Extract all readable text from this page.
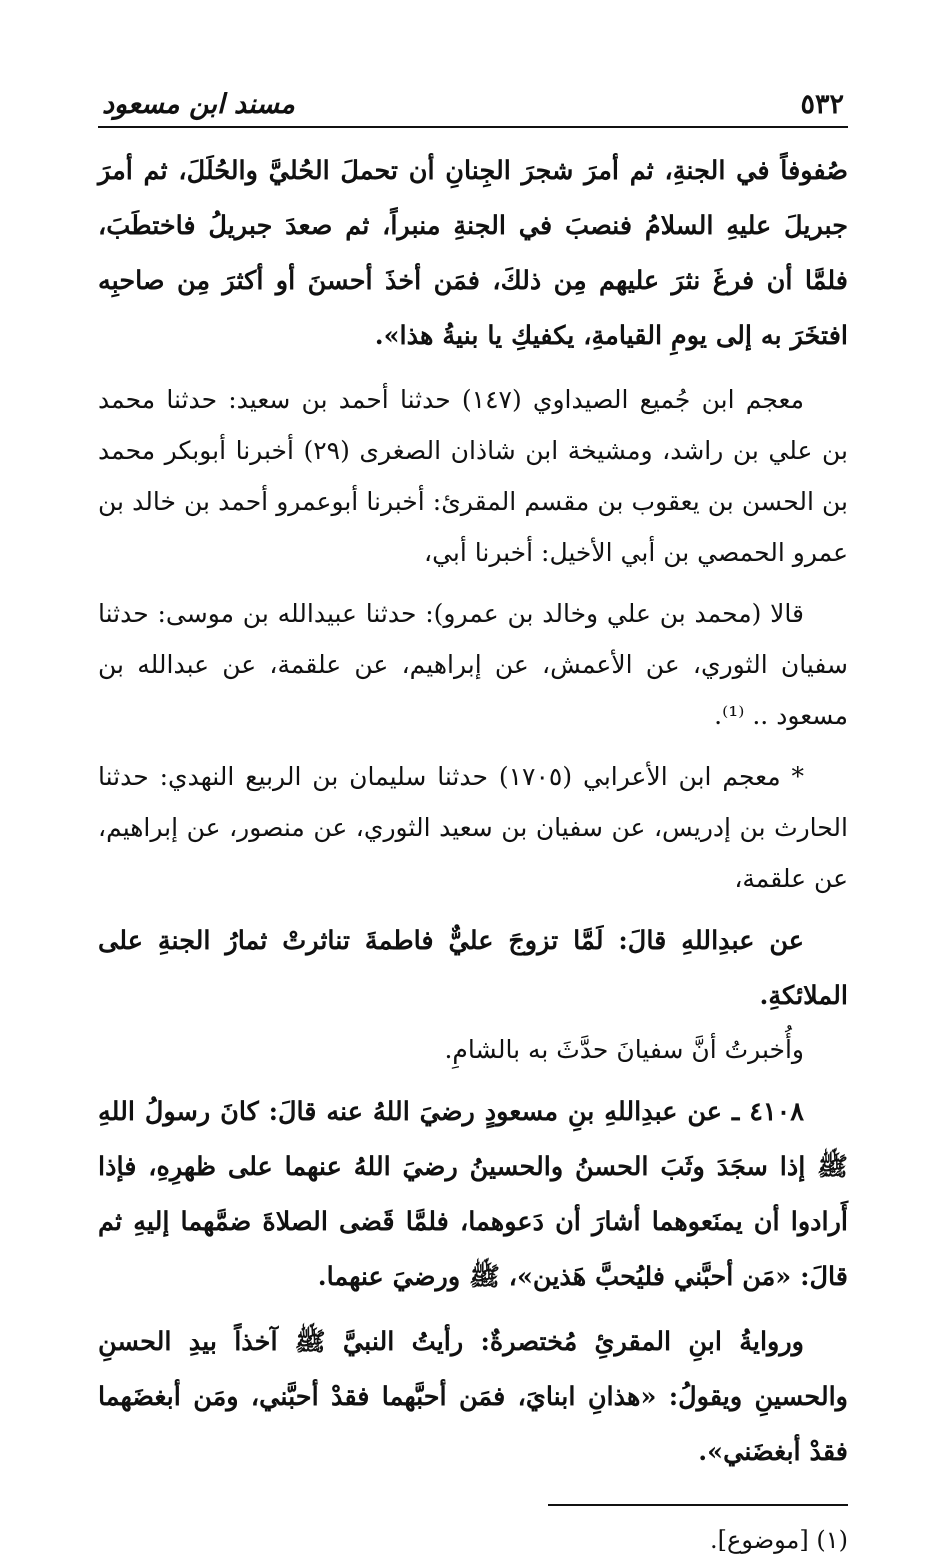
٥٣٢
مسند ابن مسعود

صُفوفاً في الجنةِ، ثم أمرَ شجرَ الجِنانِ أن تحملَ الحُليَّ والحُلَلَ، ثم أمرَ جبريلَ عليهِ السلامُ فنصبَ في الجنةِ منبراً، ثم صعدَ جبريلُ فاختطَبَ، فلمَّا أن فرغَ نثرَ عليهم مِن ذلكَ، فمَن أخذَ أحسنَ أو أكثرَ مِن صاحبِه افتخَرَ به إلى يومِ القيامةِ، يكفيكِ يا بنيةُ هذا».

معجم ابن جُميع الصيداوي (١٤٧) حدثنا أحمد بن سعيد: حدثنا محمد بن علي بن راشد، ومشيخة ابن شاذان الصغرى (٢٩) أخبرنا أبوبكر محمد بن الحسن بن يعقوب بن مقسم المقرئ: أخبرنا أبوعمرو أحمد بن خالد بن عمرو الحمصي بن أبي الأخيل: أخبرنا أبي،

قالا (محمد بن علي وخالد بن عمرو): حدثنا عبيدالله بن موسى: حدثنا سفيان الثوري، عن الأعمش، عن إبراهيم، عن علقمة، عن عبدالله بن مسعود .. ⁽¹⁾.

* معجم ابن الأعرابي (١٧٠٥) حدثنا سليمان بن الربيع النهدي: حدثنا الحارث بن إدريس، عن سفيان بن سعيد الثوري، عن منصور، عن إبراهيم، عن علقمة،

عن عبدِاللهِ قالَ: لَمَّا تزوجَ عليٌّ فاطمةَ تناثرتْ ثمارُ الجنةِ على الملائكةِ.

وأُخبرتُ أنَّ سفيانَ حدَّثَ به بالشامِ.

٤١٠٨ ـ عن عبدِاللهِ بنِ مسعودٍ رضيَ اللهُ عنه قالَ: كانَ رسولُ اللهِ ﷺ إذا سجَدَ وثَبَ الحسنُ والحسينُ رضيَ اللهُ عنهما على ظهرِهِ، فإذا أَرادوا أن يمنَعوهما أشارَ أن دَعوهما، فلمَّا قَضى الصلاةَ ضمَّهما إليهِ ثم قالَ: «مَن أحبَّني فليُحبَّ هَذين»، ﷺ ورضيَ عنهما.

وروايةُ ابنِ المقرئِ مُختصرةٌ: رأيتُ النبيَّ ﷺ آخذاً بيدِ الحسنِ والحسينِ ويقولُ: «هذانِ ابنايَ، فمَن أحبَّهما فقدْ أحبَّني، ومَن أبغضَهما فقدْ أبغضَني».

(١) [موضوع].
